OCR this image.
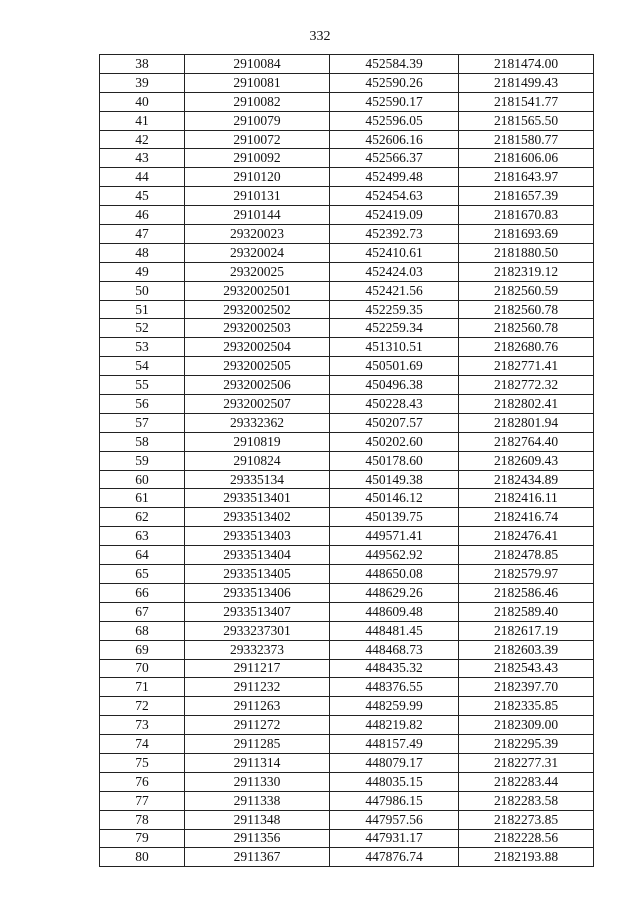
332
38	2910084	452584.39	2181474.00
39	2910081	452590.26	2181499.43
40	2910082	452590.17	2181541.77
41	2910079	452596.05	2181565.50
42	2910072	452606.16	2181580.77
43	2910092	452566.37	2181606.06
44	2910120	452499.48	2181643.97
45	2910131	452454.63	2181657.39
46	2910144	452419.09	2181670.83
47	29320023	452392.73	2181693.69
48	29320024	452410.61	2181880.50
49	29320025	452424.03	2182319.12
50	2932002501	452421.56	2182560.59
51	2932002502	452259.35	2182560.78
52	2932002503	452259.34	2182560.78
53	2932002504	451310.51	2182680.76
54	2932002505	450501.69	2182771.41
55	2932002506	450496.38	2182772.32
56	2932002507	450228.43	2182802.41
57	29332362	450207.57	2182801.94
58	2910819	450202.60	2182764.40
59	2910824	450178.60	2182609.43
60	29335134	450149.38	2182434.89
61	2933513401	450146.12	2182416.11
62	2933513402	450139.75	2182416.74
63	2933513403	449571.41	2182476.41
64	2933513404	449562.92	2182478.85
65	2933513405	448650.08	2182579.97
66	2933513406	448629.26	2182586.46
67	2933513407	448609.48	2182589.40
68	2933237301	448481.45	2182617.19
69	29332373	448468.73	2182603.39
70	2911217	448435.32	2182543.43
71	2911232	448376.55	2182397.70
72	2911263	448259.99	2182335.85
73	2911272	448219.82	2182309.00
74	2911285	448157.49	2182295.39
75	2911314	448079.17	2182277.31
76	2911330	448035.15	2182283.44
77	2911338	447986.15	2182283.58
78	2911348	447957.56	2182273.85
79	2911356	447931.17	2182228.56
80	2911367	447876.74	2182193.88
